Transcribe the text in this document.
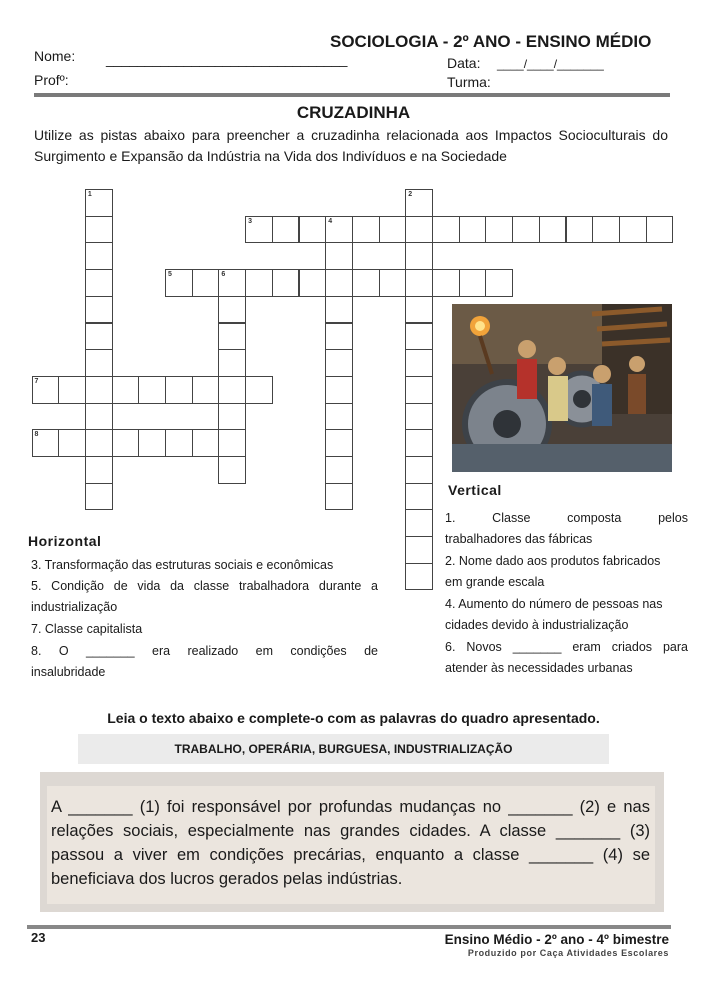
SOCIOLOGIA - 2º ANO - ENSINO MÉDIO
Nome: _______________________________	Data: ____/____/_______
Profº:	Turma:
CRUZADINHA
Utilize as pistas abaixo para preencher a cruzadinha relacionada aos Impactos Socioculturais do Surgimento e Expansão da Indústria na Vida dos Indivíduos e na Sociedade
1	2
3	4
5	6
7
8
Vertical
1. Classe composta pelos
trabalhadores das fábricas
2. Nome dado aos produtos fabricados
em grande escala
4. Aumento do número de pessoas nas
cidades devido à industrialização
6. Novos _______ eram criados para
atender às necessidades urbanas
Horizontal
3. Transformação das estruturas sociais e econômicas
5. Condição de vida da classe trabalhadora durante a
industrialização
7. Classe capitalista
8. O _______ era realizado em condições de
insalubridade
Leia o texto abaixo e complete-o com as palavras do quadro apresentado.
TRABALHO, OPERÁRIA, BURGUESA, INDUSTRIALIZAÇÃO
A _______ (1) foi responsável por profundas mudanças no _______ (2) e nas relações sociais, especialmente nas grandes cidades. A classe _______ (3) passou a viver em condições precárias, enquanto a classe _______ (4) se beneficiava dos lucros gerados pelas indústrias.
23	Ensino Médio - 2º ano - 4º bimestre
Produzido por Caça Atividades Escolares
